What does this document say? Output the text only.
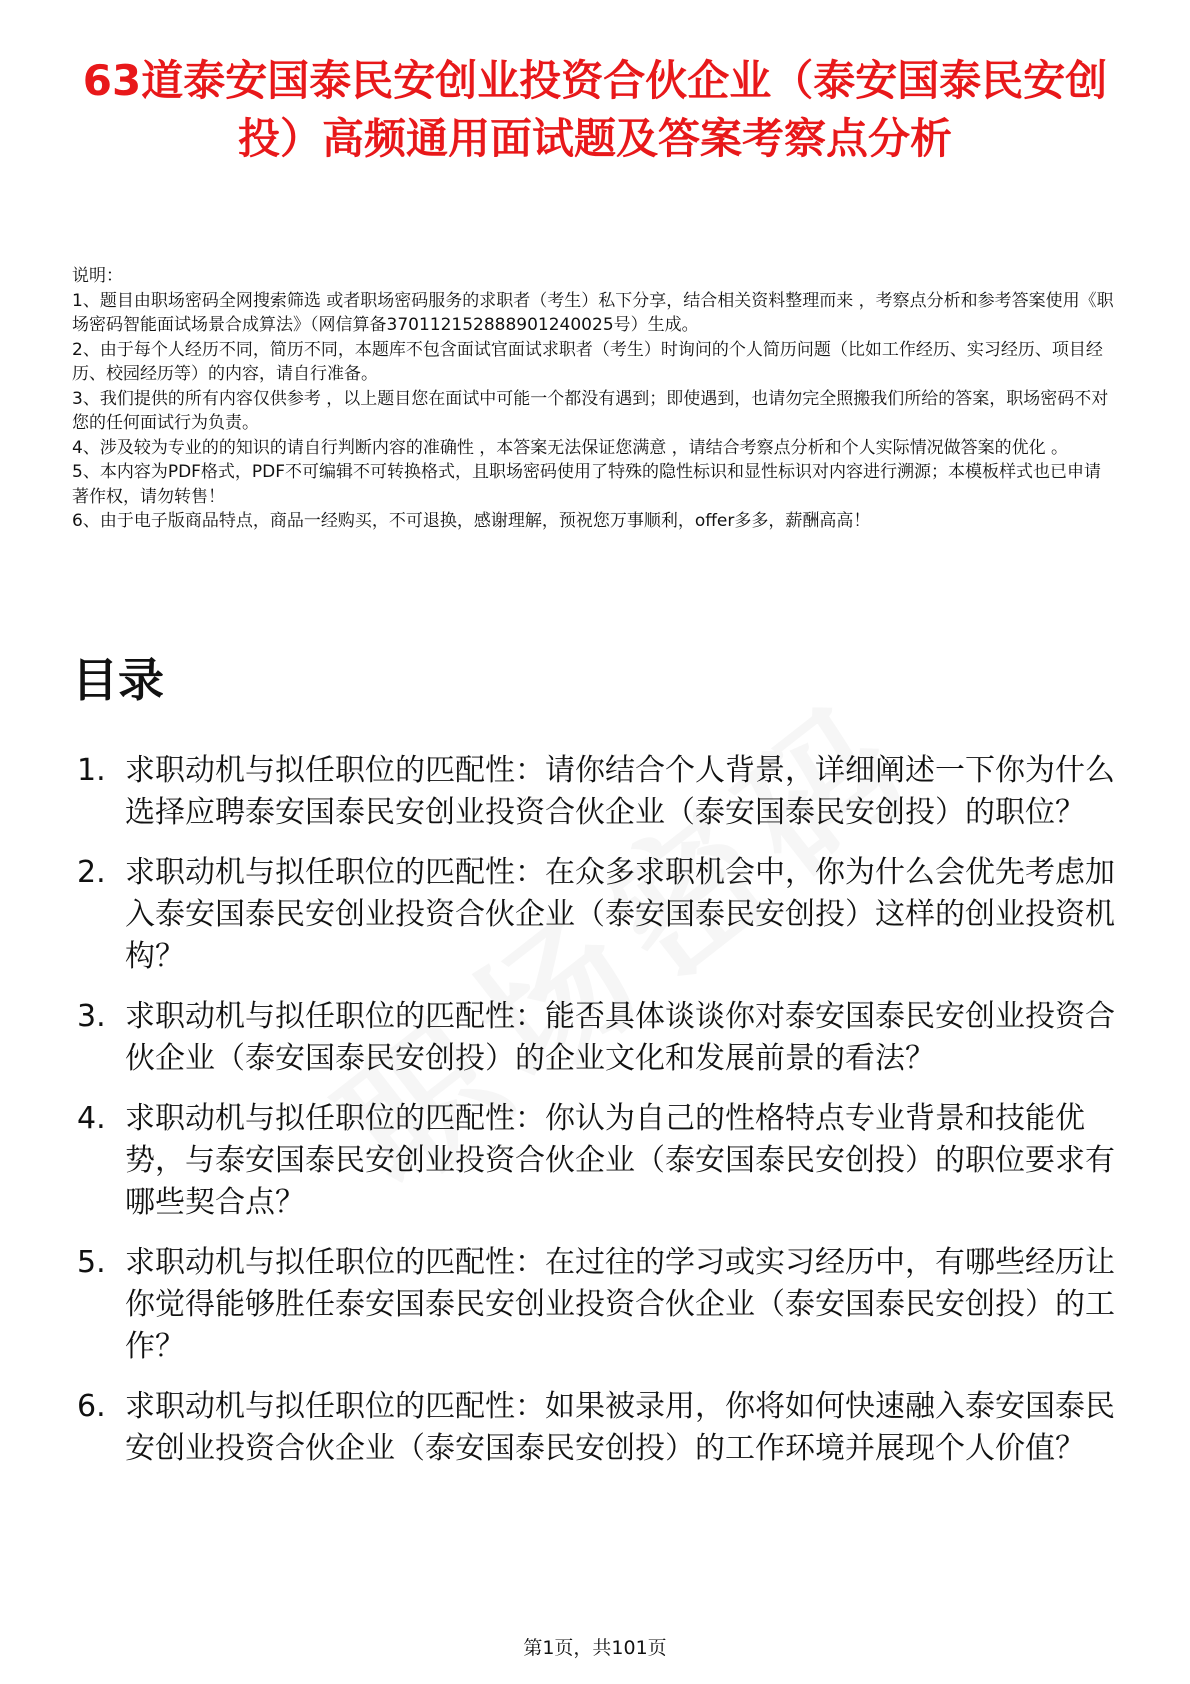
63道泰安国泰民安创业投资合伙企业（泰安国泰民安创投）高频通用面试题及答案考察点分析

说明：

1、题目由职场密码全网搜索筛选 或者职场密码服务的求职者（考生）私下分享，结合相关资料整理而来 ，考察点分析和参考答案使用《职场密码智能面试场景合成算法》（网信算备370112152888901240025号）生成。

2、由于每个人经历不同，简历不同，本题库不包含面试官面试求职者（考生）时询问的个人简历问题（比如工作经历、实习经历、项目经历、校园经历等）的内容，请自行准备。

3、我们提供的所有内容仅供参考 ，以上题目您在面试中可能一个都没有遇到；即使遇到，也请勿完全照搬我们所给的答案，职场密码不对您的任何面试行为负责。

4、涉及较为专业的的知识的请自行判断内容的准确性 ，本答案无法保证您满意 ，请结合考察点分析和个人实际情况做答案的优化 。

5、本内容为PDF格式，PDF不可编辑不可转换格式，且职场密码使用了特殊的隐性标识和显性标识对内容进行溯源；本模板样式也已申请著作权，请勿转售！

6、由于电子版商品特点，商品一经购买，不可退换，感谢理解，预祝您万事顺利，offer多多，薪酬高高！

目录
1. 求职动机与拟任职位的匹配性：请你结合个人背景，详细阐述一下你为什么选择应聘泰安国泰民安创业投资合伙企业（泰安国泰民安创投）的职位？
2. 求职动机与拟任职位的匹配性：在众多求职机会中，你为什么会优先考虑加入泰安国泰民安创业投资合伙企业（泰安国泰民安创投）这样的创业投资机构？
3. 求职动机与拟任职位的匹配性：能否具体谈谈你对泰安国泰民安创业投资合伙企业（泰安国泰民安创投）的企业文化和发展前景的看法？
4. 求职动机与拟任职位的匹配性：你认为自己的性格特点专业背景和技能优势，与泰安国泰民安创业投资合伙企业（泰安国泰民安创投）的职位要求有哪些契合点？
5. 求职动机与拟任职位的匹配性：在过往的学习或实习经历中，有哪些经历让你觉得能够胜任泰安国泰民安创业投资合伙企业（泰安国泰民安创投）的工作？
6. 求职动机与拟任职位的匹配性：如果被录用，你将如何快速融入泰安国泰民安创业投资合伙企业（泰安国泰民安创投）的工作环境并展现个人价值？
第1页，共101页
